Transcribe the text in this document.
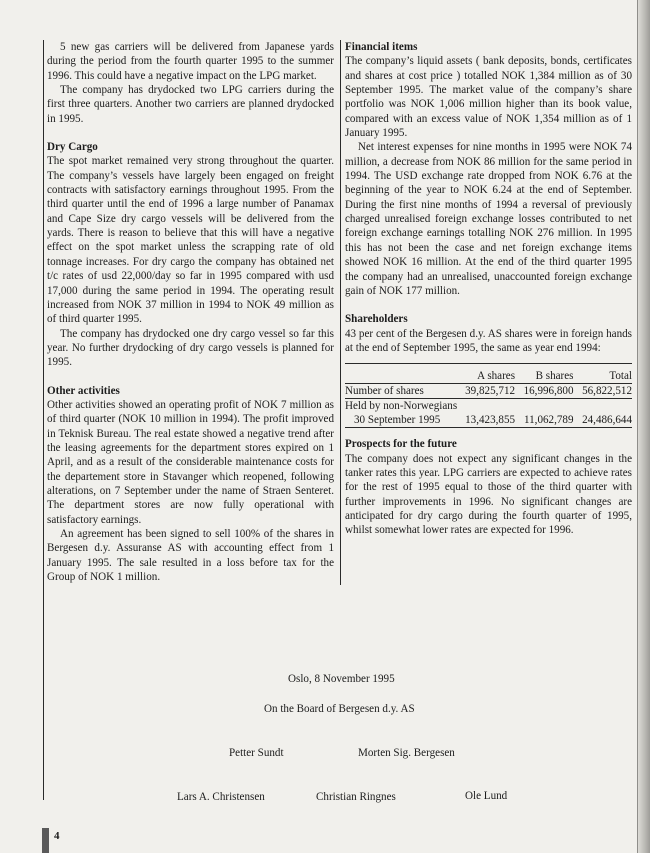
5 new gas carriers will be delivered from Japanese yards during the period from the fourth quarter 1995 to the summer 1996. This could have a negative impact on the LPG market.

The company has drydocked two LPG carriers during the first three quarters. Another two carriers are planned drydocked in 1995.

Dry Cargo

The spot market remained very strong throughout the quarter. The company’s vessels have largely been engaged on freight contracts with satisfactory earnings throughout 1995. From the third quarter until the end of 1996 a large number of Panamax and Cape Size dry cargo vessels will be delivered from the yards. There is reason to believe that this will have a negative effect on the spot market unless the scrapping rate of old tonnage increases. For dry cargo the company has obtained net t/c rates of usd 22,000/day so far in 1995 compared with usd 17,000 during the same period in 1994. The operating result increased from NOK 37 million in 1994 to NOK 49 million as of third quarter 1995.

The company has drydocked one dry cargo vessel so far this year. No further drydocking of dry cargo vessels is planned for 1995.

Other activities

Other activities showed an operating profit of NOK 7 million as of third quarter (NOK 10 million in 1994). The profit improved in Teknisk Bureau. The real estate showed a negative trend after the leasing agreements for the department stores expired on 1 April, and as a result of the considerable maintenance costs for the departement store in Stavanger which reopened, following alterations, on 7 September under the name of Straen Senteret. The department stores are now fully operational with satisfactory earnings.

An agreement has been signed to sell 100% of the shares in Bergesen d.y. Assuranse AS with accounting effect from 1 January 1995. The sale resulted in a loss before tax for the Group of NOK 1 million.

Financial items

The company’s liquid assets ( bank deposits, bonds, certificates and shares at cost price ) totalled NOK 1,384 million as of 30 September 1995. The market value of the company’s share portfolio was NOK 1,006 million higher than its book value, compared with an excess value of NOK 1,354 million as of 1 January 1995.

Net interest expenses for nine months in 1995 were NOK 74 million, a decrease from NOK 86 million for the same period in 1994. The USD exchange rate dropped from NOK 6.76 at the beginning of the year to NOK 6.24 at the end of September. During the first nine months of 1994 a reversal of previously charged unrealised foreign exchange losses contributed to net foreign exchange earnings totalling NOK 276 million. In 1995 this has not been the case and net foreign exchange items showed NOK 16 million. At the end of the third quarter 1995 the company had an unrealised, unaccounted foreign exchange gain of NOK 177 million.

Shareholders

43 per cent of the Bergesen d.y. AS shares were in foreign hands at the end of September 1995, the same as year end 1994:

	A shares	B shares	Total
Number of shares	39,825,712	16,996,800	56,822,512
Held by non-Norwegians			
30 September 1995	13,423,855	11,062,789	24,486,644

Prospects for the future

The company does not expect any significant changes in the tanker rates this year. LPG carriers are expected to achieve rates for the rest of 1995 equal to those of the third quarter with further improvements in 1996. No significant changes are anticipated for dry cargo during the fourth quarter of 1995, whilst somewhat lower rates are expected for 1996.

Oslo, 8 November 1995
On the Board of Bergesen d.y. AS
Petter Sundt	Morten Sig. Bergesen
Lars A. Christensen	Christian Ringnes	Ole Lund
4
